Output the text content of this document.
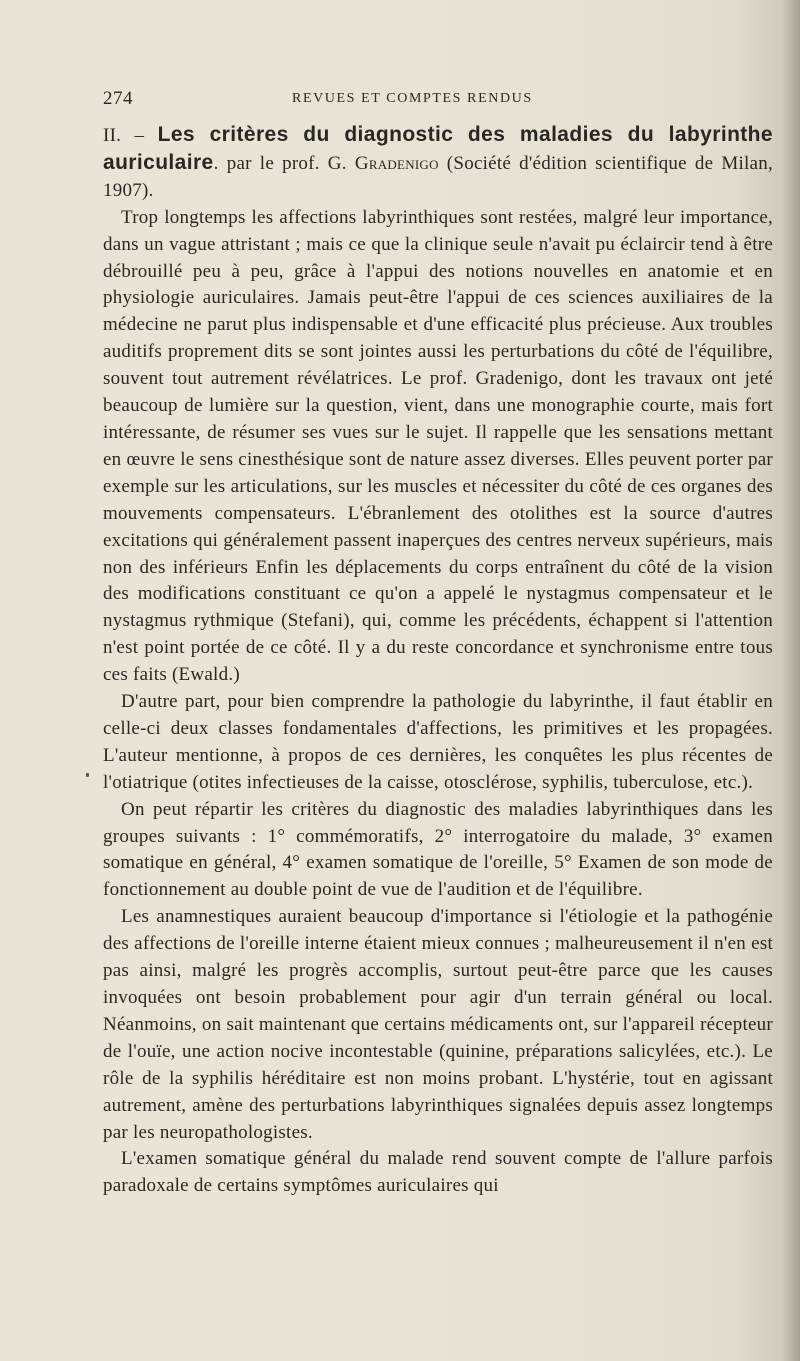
274	REVUES ET COMPTES RENDUS

II. – Les critères du diagnostic des maladies du labyrinthe auriculaire. par le prof. G. Gradenigo (Société d'édition scientifique de Milan, 1907).

Trop longtemps les affections labyrinthiques sont restées, malgré leur importance, dans un vague attristant ; mais ce que la clinique seule n'avait pu éclaircir tend à être débrouillé peu à peu, grâce à l'appui des notions nouvelles en anatomie et en physiologie auriculaires. Jamais peut-être l'appui de ces sciences auxiliaires de la médecine ne parut plus indispensable et d'une efficacité plus précieuse. Aux troubles auditifs proprement dits se sont jointes aussi les perturbations du côté de l'équilibre, souvent tout autrement révélatrices. Le prof. Gradenigo, dont les travaux ont jeté beaucoup de lumière sur la question, vient, dans une monographie courte, mais fort intéressante, de résumer ses vues sur le sujet. Il rappelle que les sensations mettant en œuvre le sens cinesthésique sont de nature assez diverses. Elles peuvent porter par exemple sur les articulations, sur les muscles et nécessiter du côté de ces organes des mouvements compensateurs. L'ébranlement des otolithes est la source d'autres excitations qui généralement passent inaperçues des centres nerveux supérieurs, mais non des inférieurs Enfin les déplacements du corps entraînent du côté de la vision des modifications constituant ce qu'on a appelé le nystagmus compensateur et le nystagmus rythmique (Stefani), qui, comme les précédents, échappent si l'attention n'est point portée de ce côté. Il y a du reste concordance et synchronisme entre tous ces faits (Ewald.)

D'autre part, pour bien comprendre la pathologie du labyrinthe, il faut établir en celle-ci deux classes fondamentales d'affections, les primitives et les propagées. L'auteur mentionne, à propos de ces dernières, les conquêtes les plus récentes de l'otiatrique (otites infectieuses de la caisse, otosclérose, syphilis, tuberculose, etc.).

On peut répartir les critères du diagnostic des maladies labyrinthiques dans les groupes suivants : 1° commémoratifs, 2° interrogatoire du malade, 3° examen somatique en général, 4° examen somatique de l'oreille, 5° Examen de son mode de fonctionnement au double point de vue de l'audition et de l'équilibre.

Les anamnestiques auraient beaucoup d'importance si l'étiologie et la pathogénie des affections de l'oreille interne étaient mieux connues ; malheureusement il n'en est pas ainsi, malgré les progrès accomplis, surtout peut-être parce que les causes invoquées ont besoin probablement pour agir d'un terrain général ou local. Néanmoins, on sait maintenant que certains médicaments ont, sur l'appareil récepteur de l'ouïe, une action nocive incontestable (quinine, préparations salicylées, etc.). Le rôle de la syphilis héréditaire est non moins probant. L'hystérie, tout en agissant autrement, amène des perturbations labyrinthiques signalées depuis assez longtemps par les neuropathologistes.

L'examen somatique général du malade rend souvent compte de l'allure parfois paradoxale de certains symptômes auriculaires qui
